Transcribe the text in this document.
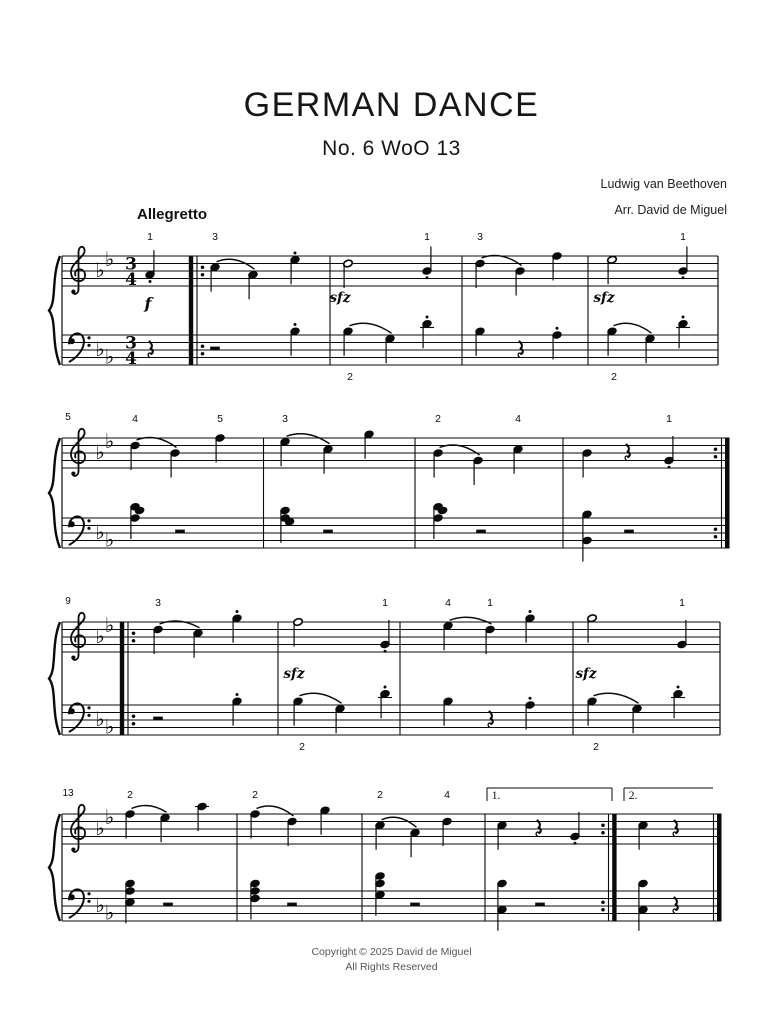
GERMAN DANCE
No. 6 WoO 13
Ludwig van Beethoven
Arr. David de Miguel
Allegretto
♭ ♭
♭ ♭
3
4
3
4
1	3	1	3	1
f	sfz	sfz
2	2
♭ ♭
♭ ♭
5	4	5	3	2	4	1
♭ ♭
♭ ♭
9	3	1	4	1	1
sfz	sfz
2	2
♭ ♭
♭ ♭
1.	2.
13	2	2	2	4
Copyright © 2025 David de Miguel
All Rights Reserved
